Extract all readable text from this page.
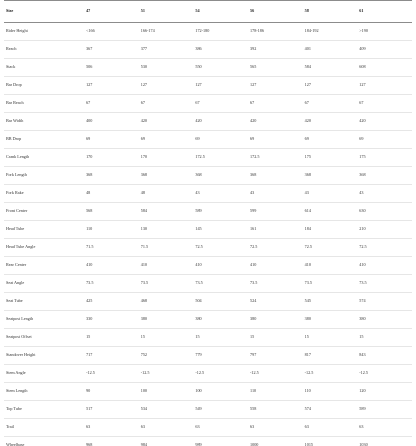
Size	47	51	54	56	58	61
Rider Height	<166	166-174	172-180	178-186	184-192	>190
Reach	367	377	386	392	401	409
Stack	506	530	550	565	584	608
Bar Drop	127	127	127	127	127	127
Bar Reach	67	67	67	67	67	67
Bar Width	400	420	420	420	420	420
BB Drop	69	69	69	69	69	69
Crank Length	170	170	172.5	172.5	175	175
Fork Length	368	368	368	368	368	368
Fork Rake	48	48	43	43	43	43
Front Center	568	584	589	599	614	630
Head Tube	110	130	145	161	184	210
Head Tube Angle	71.5	71.5	72.5	72.5	72.5	72.5
Rear Center	410	410	410	410	410	410
Seat Angle	73.5	73.5	73.5	73.5	73.5	73.5
Seat Tube	425	468	504	524	545	574
Seatpost Length	330	380	380	380	380	380
Seatpost Offset	15	15	15	15	15	15
Standover Height	717	752	779	797	817	843
Stem Angle	-12.5	-12.5	-12.5	-12.5	-12.5	-12.5
Stem Length	90	100	100	110	110	120
Top Tube	517	534	549	558	574	589
Trail	63	63	63	63	63	63
Wheelbase	968	984	989	1000	1015	1030
